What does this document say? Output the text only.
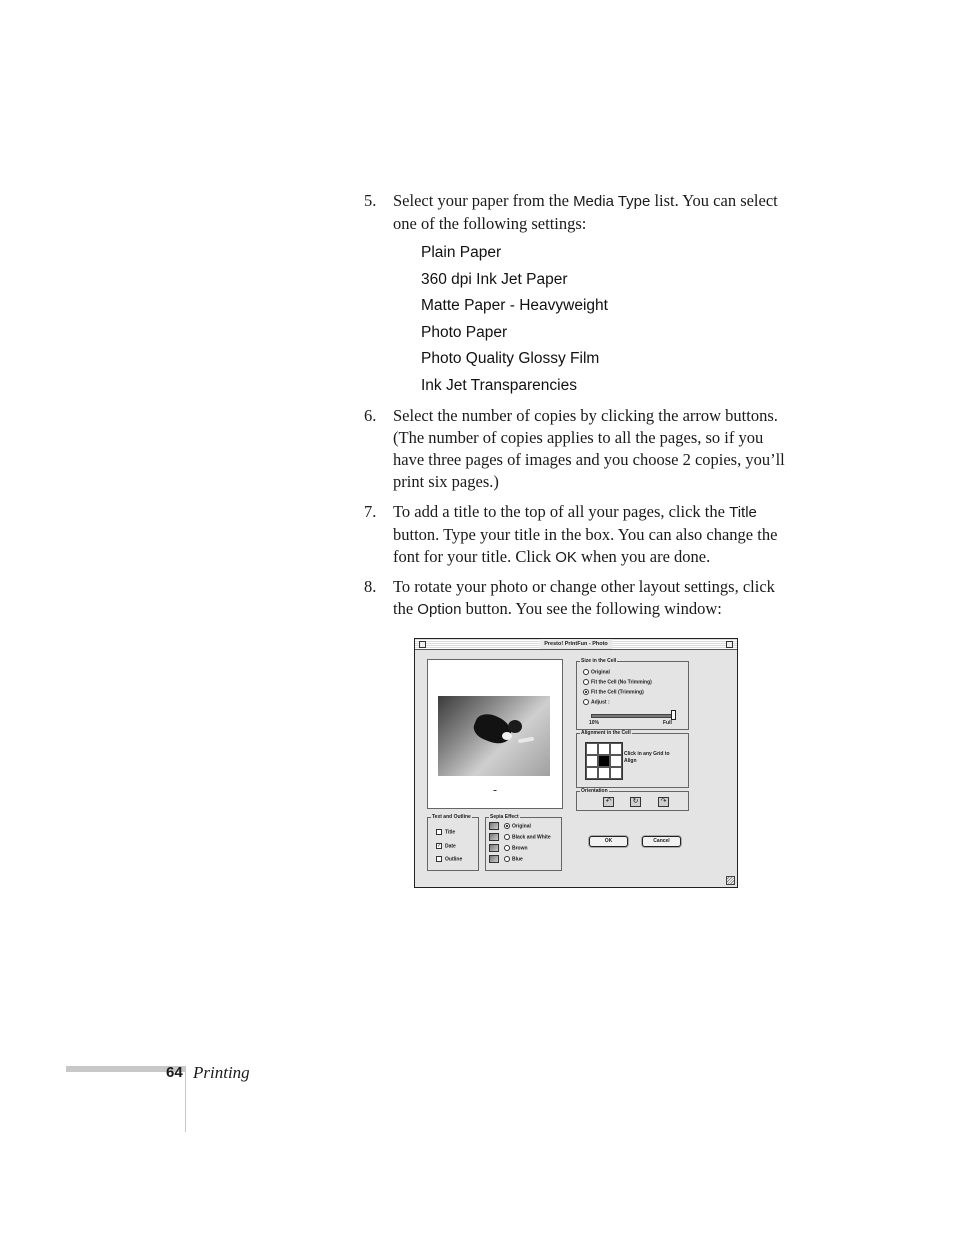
5.	Select your paper from the Media Type list. You can select one of the following settings:
Plain Paper
360 dpi Ink Jet Paper
Matte Paper - Heavyweight
Photo Paper
Photo Quality Glossy Film
Ink Jet Transparencies
6.	Select the number of copies by clicking the arrow buttons. (The number of copies applies to all the pages, so if you have three pages of images and you choose 2 copies, you’ll print six pages.)
7.	To add a title to the top of all your pages, click the Title button. Type your title in the box. You can also change the font for your title. Click OK when you are done.
8.	To rotate your photo or change other layout settings, click the Option button. You see the following window:
Presto! PrintFun - Photo
▬
Size in the Cell
Original
Fit the Cell (No Trimming)
Fit the Cell (Trimming)
Adjust :
10%	Full
Alignment in the Cell
Click in any Grid to Align
Orientation
↶	↻	↷
Text and Outline
Title
✓ Date
Outline
Sepia Effect
Original
Black and White
Brown
Blue
OK	Cancel
64 Printing
